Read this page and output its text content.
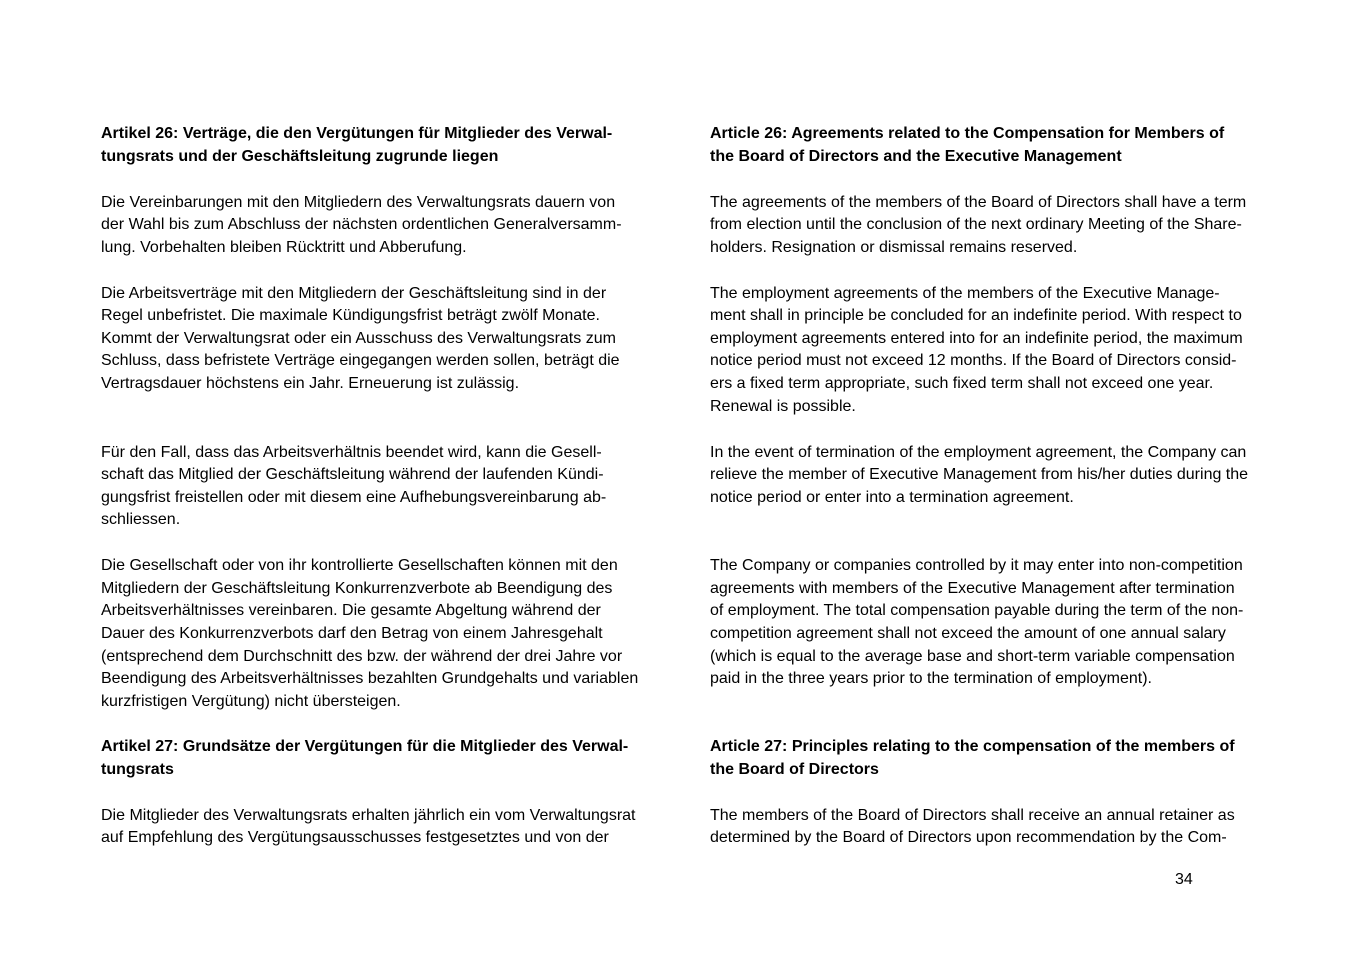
Artikel 26: Verträge, die den Vergütungen für Mitglieder des Verwal-
tungsrats und der Geschäftsleitung zugrunde liegen
Die Vereinbarungen mit den Mitgliedern des Verwaltungsrats dauern von
der Wahl bis zum Abschluss der nächsten ordentlichen Generalversamm-
lung. Vorbehalten bleiben Rücktritt und Abberufung.
Die Arbeitsverträge mit den Mitgliedern der Geschäftsleitung sind in der
Regel unbefristet. Die maximale Kündigungsfrist beträgt zwölf Monate.
Kommt der Verwaltungsrat oder ein Ausschuss des Verwaltungsrats zum
Schluss, dass befristete Verträge eingegangen werden sollen, beträgt die
Vertragsdauer höchstens ein Jahr. Erneuerung ist zulässig.
Für den Fall, dass das Arbeitsverhältnis beendet wird, kann die Gesell-
schaft das Mitglied der Geschäftsleitung während der laufenden Kündi-
gungsfrist freistellen oder mit diesem eine Aufhebungsvereinbarung ab-
schliessen.
Die Gesellschaft oder von ihr kontrollierte Gesellschaften können mit den
Mitgliedern der Geschäftsleitung Konkurrenzverbote ab Beendigung des
Arbeitsverhältnisses vereinbaren. Die gesamte Abgeltung während der
Dauer des Konkurrenzverbots darf den Betrag von einem Jahresgehalt
(entsprechend dem Durchschnitt des bzw. der während der drei Jahre vor
Beendigung des Arbeitsverhältnisses bezahlten Grundgehalts und variablen
kurzfristigen Vergütung) nicht übersteigen.
Artikel 27: Grundsätze der Vergütungen für die Mitglieder des Verwal-
tungsrats
Die Mitglieder des Verwaltungsrats erhalten jährlich ein vom Verwaltungsrat
auf Empfehlung des Vergütungsausschusses festgesetztes und von der
Article 26: Agreements related to the Compensation for Members of
the Board of Directors and the Executive Management
The agreements of the members of the Board of Directors shall have a term
from election until the conclusion of the next ordinary Meeting of the Share-
holders. Resignation or dismissal remains reserved.
The employment agreements of the members of the Executive Manage-
ment shall in principle be concluded for an indefinite period. With respect to
employment agreements entered into for an indefinite period, the maximum
notice period must not exceed 12 months. If the Board of Directors consid-
ers a fixed term appropriate, such fixed term shall not exceed one year.
Renewal is possible.
In the event of termination of the employment agreement, the Company can
relieve the member of Executive Management from his/her duties during the
notice period or enter into a termination agreement.
The Company or companies controlled by it may enter into non-competition
agreements with members of the Executive Management after termination
of employment. The total compensation payable during the term of the non-
competition agreement shall not exceed the amount of one annual salary
(which is equal to the average base and short-term variable compensation
paid in the three years prior to the termination of employment).
Article 27: Principles relating to the compensation of the members of
the Board of Directors
The members of the Board of Directors shall receive an annual retainer as
determined by the Board of Directors upon recommendation by the Com-
34
